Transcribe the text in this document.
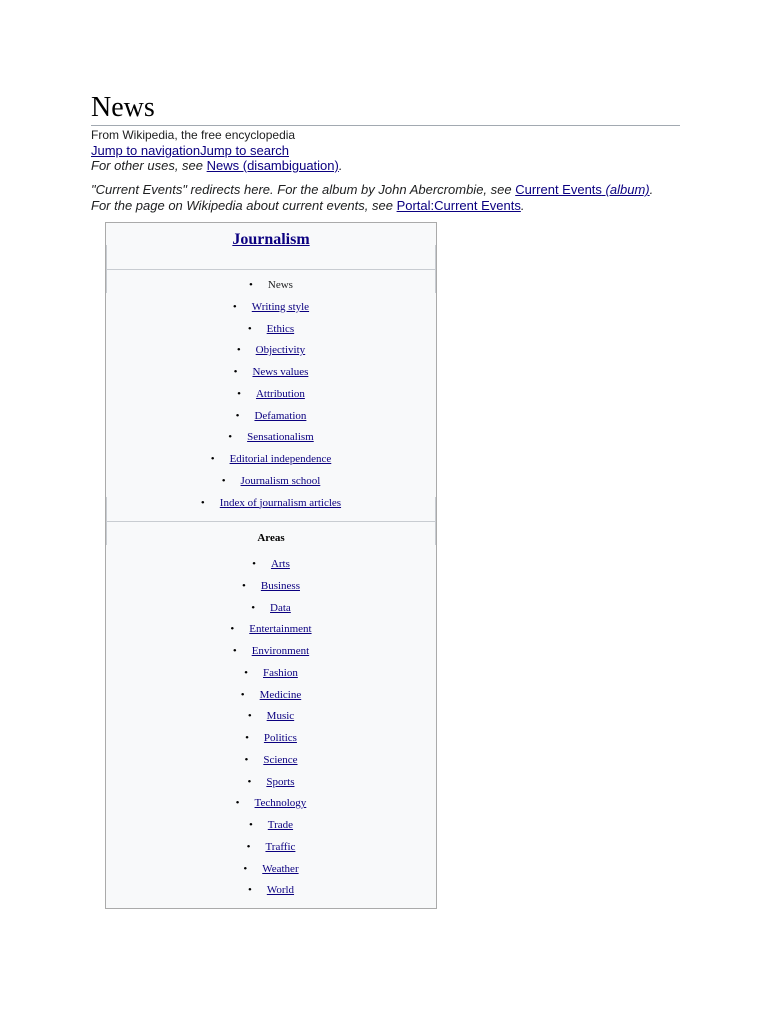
News
From Wikipedia, the free encyclopedia
Jump to navigationJump to search
For other uses, see News (disambiguation).
"Current Events" redirects here. For the album by John Abercrombie, see Current Events (album).
For the page on Wikipedia about current events, see Portal:Current Events.
Journalism
• News
• Writing style
• Ethics
• Objectivity
• News values
• Attribution
• Defamation
• Sensationalism
• Editorial independence
• Journalism school
• Index of journalism articles
Areas
• Arts
• Business
• Data
• Entertainment
• Environment
• Fashion
• Medicine
• Music
• Politics
• Science
• Sports
• Technology
• Trade
• Traffic
• Weather
• World
